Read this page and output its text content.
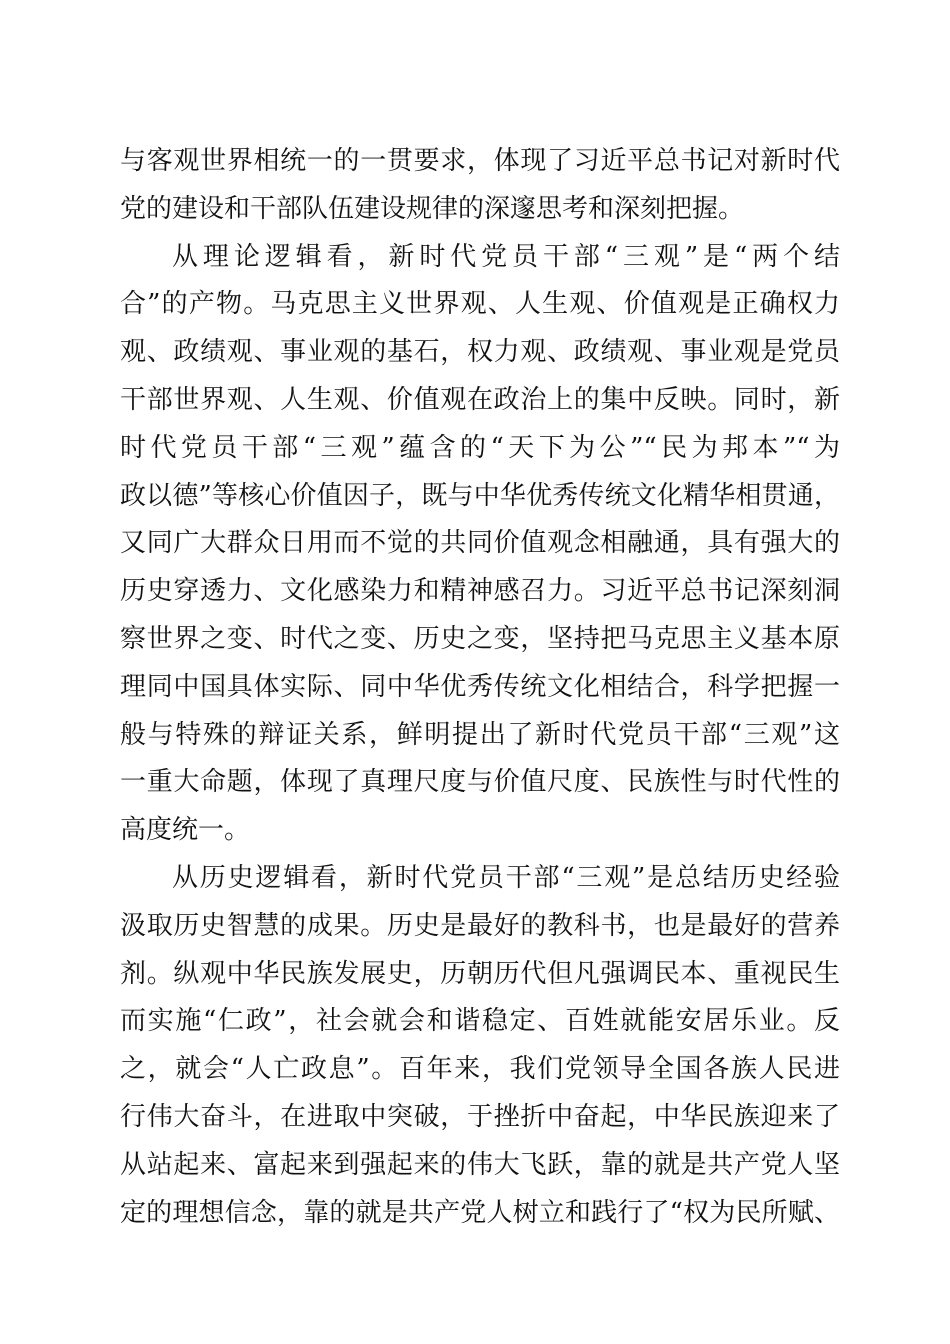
与客观世界相统一的一贯要求，体现了习近平总书记对新时代
党的建设和干部队伍建设规律的深邃思考和深刻把握。
从理论逻辑看，新时代党员干部“三观”是“两个结
合”的产物。马克思主义世界观、人生观、价值观是正确权力
观、政绩观、事业观的基石，权力观、政绩观、事业观是党员
干部世界观、人生观、价值观在政治上的集中反映。同时，新
时代党员干部“三观”蕴含的“天下为公”“民为邦本”“为
政以德”等核心价值因子，既与中华优秀传统文化精华相贯通，
又同广大群众日用而不觉的共同价值观念相融通，具有强大的
历史穿透力、文化感染力和精神感召力。习近平总书记深刻洞
察世界之变、时代之变、历史之变，坚持把马克思主义基本原
理同中国具体实际、同中华优秀传统文化相结合，科学把握一
般与特殊的辩证关系，鲜明提出了新时代党员干部“三观”这
一重大命题，体现了真理尺度与价值尺度、民族性与时代性的
高度统一。
从历史逻辑看，新时代党员干部“三观”是总结历史经验
汲取历史智慧的成果。历史是最好的教科书，也是最好的营养
剂。纵观中华民族发展史，历朝历代但凡强调民本、重视民生
而实施“仁政”，社会就会和谐稳定、百姓就能安居乐业。反
之，就会“人亡政息”。百年来，我们党领导全国各族人民进
行伟大奋斗，在进取中突破，于挫折中奋起，中华民族迎来了
从站起来、富起来到强起来的伟大飞跃，靠的就是共产党人坚
定的理想信念，靠的就是共产党人树立和践行了“权为民所赋、
